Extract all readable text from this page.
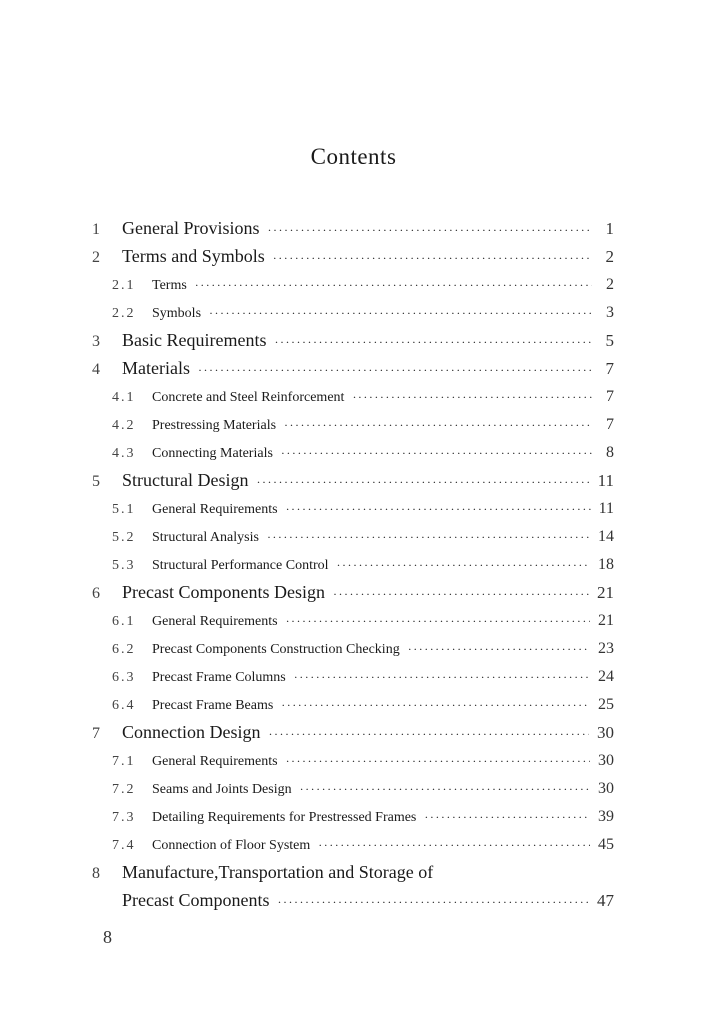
Contents
1	General Provisions ·····	1
2	Terms and Symbols ·····	2
2.1	Terms ·····	2
2.2	Symbols ·····	3
3	Basic Requirements ·····	5
4	Materials ·····	7
4.1	Concrete and Steel Reinforcement ·····	7
4.2	Prestressing Materials ·····	7
4.3	Connecting Materials ·····	8
5	Structural Design ·····	11
5.1	General Requirements ·····	11
5.2	Structural Analysis ·····	14
5.3	Structural Performance Control ·····	18
6	Precast Components Design ·····	21
6.1	General Requirements ·····	21
6.2	Precast Components Construction Checking ·····	23
6.3	Precast Frame Columns ·····	24
6.4	Precast Frame Beams ·····	25
7	Connection Design ·····	30
7.1	General Requirements ·····	30
7.2	Seams and Joints Design ·····	30
7.3	Detailing Requirements for Prestressed Frames ·····	39
7.4	Connection of Floor System ·····	45
8	Manufacture,Transportation and Storage of
Precast Components ·····	47
8
